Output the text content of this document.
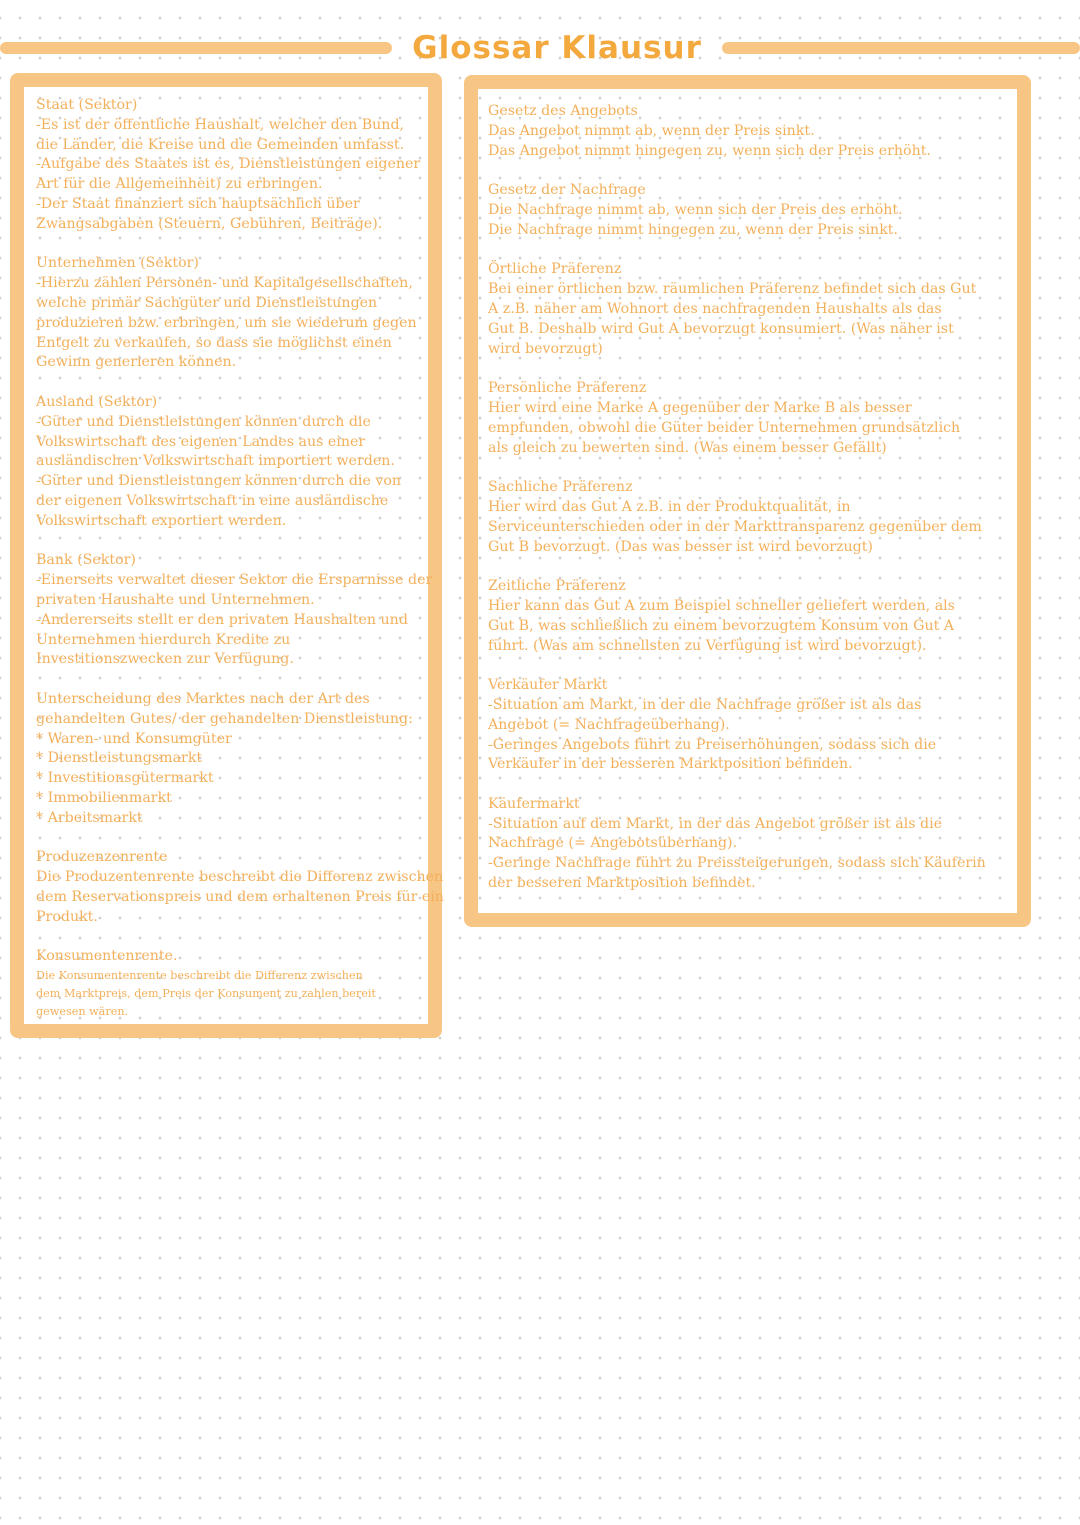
Glossar Klausur

Staat (Sektor)

-Es ist der öffentliche Haushalt, welcher den Bund,

die Länder, die Kreise und die Gemeinden umfasst.

-Aufgabe des Staates ist es, Dienstleistungen eigener

Art für die Allgemeinheit) zu erbringen.

-Der Staat finanziert sich hauptsächlich über

Zwangsabgaben (Steuern, Gebühren, Beiträge).

Unternehmen (Sektor)

-Hierzu zählen Personen- und Kapitalgesellschaften,

welche primär Sachgüter und Dienstleistungen

produzieren bzw. erbringen, um sie wiederum gegen

Entgelt zu verkaufen, so dass sie möglichst einen

Gewinn generieren können.

Ausland (Sektor)

-Güter und Dienstleistungen können durch die

Volkswirtschaft des eigenen Landes aus einer

ausländischen Volkswirtschaft importiert werden.

-Güter und Dienstleistungen können durch die von

der eigenen Volkswirtschaft in eine ausländische

Volkswirtschaft exportiert werden.

Bank (Sektor)

-Einerseits verwaltet dieser Sektor die Ersparnisse der

privaten Haushalte und Unternehmen.

-Andererseits stellt er den privaten Haushalten und

Unternehmen hierdurch Kredite zu

Investitionszwecken zur Verfügung.

Unterscheidung des Marktes nach der Art des

gehandelten Gutes/ der gehandelten Dienstleistung:

* Waren- und Konsumgüter

* Dienstleistungsmarkt

* Investitionsgütermarkt

* Immobilienmarkt

* Arbeitsmarkt

Produzenzenrente

Die Produzentenrente beschreibt die Differenz zwischen

dem Reservationspreis und dem erhaltenen Preis für ein

Produkt.

Konsumentenrente.

Die Konsumentenrente beschreibt die Differenz zwischen

dem Marktpreis, dem Preis der Konsument zu zahlen bereit

gewesen wären.

Gesetz des Angebots

Das Angebot nimmt ab, wenn der Preis sinkt.

Das Angebot nimmt hingegen zu, wenn sich der Preis erhöht.

Gesetz der Nachfrage

Die Nachfrage nimmt ab, wenn sich der Preis des erhöht.

Die Nachfrage nimmt hingegen zu, wenn der Preis sinkt.

Örtliche Präferenz

Bei einer örtlichen bzw. räumlichen Präferenz befindet sich das Gut

A z.B. näher am Wohnort des nachfragenden Haushalts als das

Gut B. Deshalb wird Gut A bevorzugt konsumiert. (Was näher ist

wird bevorzugt)

Persönliche Präferenz

Hier wird eine Marke A gegenüber der Marke B als besser

empfunden, obwohl die Güter beider Unternehmen grundsätzlich

als gleich zu bewerten sind. (Was einem besser Gefällt)

Sachliche Präferenz

Hier wird das Gut A z.B. in der Produktqualität, in

Serviceunterschieden oder in der Markttransparenz gegenüber dem

Gut B bevorzugt. (Das was besser ist wird bevorzugt)

Zeitliche Präferenz

Hier kann das Gut A zum Beispiel schneller geliefert werden, als

Gut B, was schließlich zu einem bevorzugtem Konsum von Gut A

führt. (Was am schnellsten zu Verfügung ist wird bevorzugt).

Verkäufer Markt

-Situation am Markt, in der die Nachfrage größer ist als das

Angebot (= Nachfrageüberhang).

-Geringes Angebots führt zu Preiserhöhungen, sodass sich die

Verkäufer in der besseren Marktposition befinden.

Käufermarkt

-Situation auf dem Markt, in der das Angebot größer ist als die

Nachfrage (= Angebotsüberhang).

-Geringe Nachfrage führt zu Preissteigerungen, sodass sich Käuferin

der besseren Marktposition befindet.
